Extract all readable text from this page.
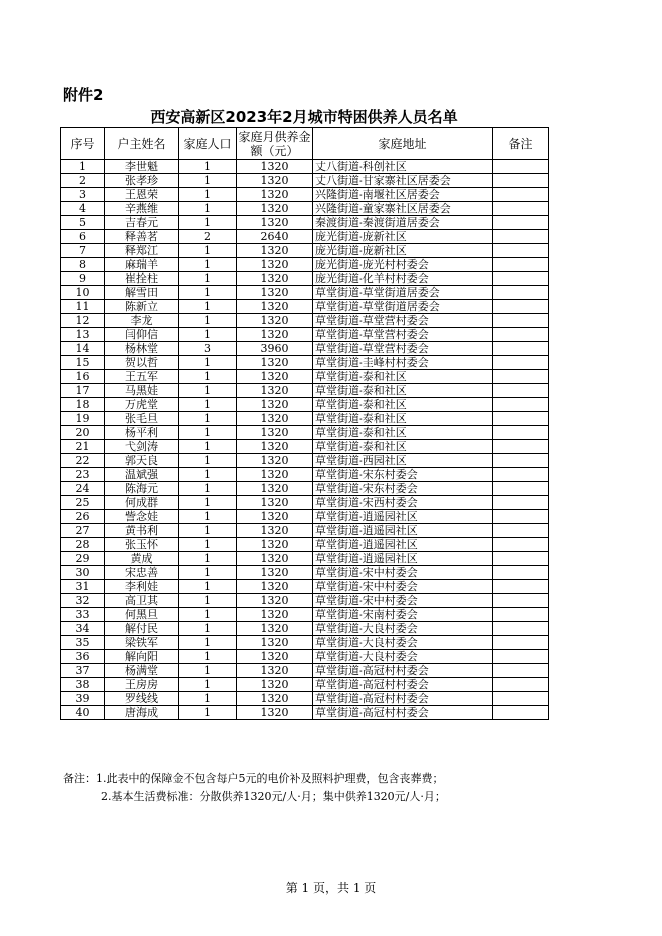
附件2
西安高新区2023年2月城市特困供养人员名单
序号	户主姓名	家庭人口	家庭月供养金额（元）	家庭地址	备注
1	李世魁	1	1320	丈八街道-科创社区	
2	张孝珍	1	1320	丈八街道-甘家寨社区居委会	
3	王恩荣	1	1320	兴隆街道-南堰社区居委会	
4	辛燕维	1	1320	兴隆街道-童家寨社区居委会	
5	吉春元	1	1320	秦渡街道-秦渡街道居委会	
6	释善茗	2	2640	庞光街道-庞新社区	
7	释郑江	1	1320	庞光街道-庞新社区	
8	麻瑞羊	1	1320	庞光街道-庞光村村委会	
9	崔拴柱	1	1320	庞光街道-化羊村村委会	
10	解雪田	1	1320	草堂街道-草堂街道居委会	
11	陈新立	1	1320	草堂街道-草堂街道居委会	
12	李龙	1	1320	草堂街道-草堂营村委会	
13	闫仰信	1	1320	草堂街道-草堂营村委会	
14	杨林堂	3	3960	草堂街道-草堂营村委会	
15	贺以哲	1	1320	草堂街道-圭峰村村委会	
16	王五军	1	1320	草堂街道-泰和社区	
17	马黑娃	1	1320	草堂街道-泰和社区	
18	万虎堂	1	1320	草堂街道-泰和社区	
19	张毛旦	1	1320	草堂街道-泰和社区	
20	杨平利	1	1320	草堂街道-泰和社区	
21	弋剑涛	1	1320	草堂街道-泰和社区	
22	郭天良	1	1320	草堂街道-西园社区	
23	温斌强	1	1320	草堂街道-宋东村委会	
24	陈海元	1	1320	草堂街道-宋东村委会	
25	何成群	1	1320	草堂街道-宋西村委会	
26	訾念娃	1	1320	草堂街道-逍遥园社区	
27	黄书利	1	1320	草堂街道-逍遥园社区	
28	张玉怀	1	1320	草堂街道-逍遥园社区	
29	黄成	1	1320	草堂街道-逍遥园社区	
30	宋忠善	1	1320	草堂街道-宋中村委会	
31	李利娃	1	1320	草堂街道-宋中村委会	
32	高卫其	1	1320	草堂街道-宋中村委会	
33	何黑旦	1	1320	草堂街道-宋南村委会	
34	解付民	1	1320	草堂街道-大良村委会	
35	梁铁军	1	1320	草堂街道-大良村委会	
36	解向阳	1	1320	草堂街道-大良村委会	
37	杨满堂	1	1320	草堂街道-高冠村村委会	
38	王房房	1	1320	草堂街道-高冠村村委会	
39	罗线线	1	1320	草堂街道-高冠村村委会	
40	唐海成	1	1320	草堂街道-高冠村村委会	
备注：1.此表中的保障金不包含每户5元的电价补及照料护理费，包含丧葬费；
2.基本生活费标准：分散供养1320元/人·月；集中供养1320元/人·月；
第 1 页，共 1 页
